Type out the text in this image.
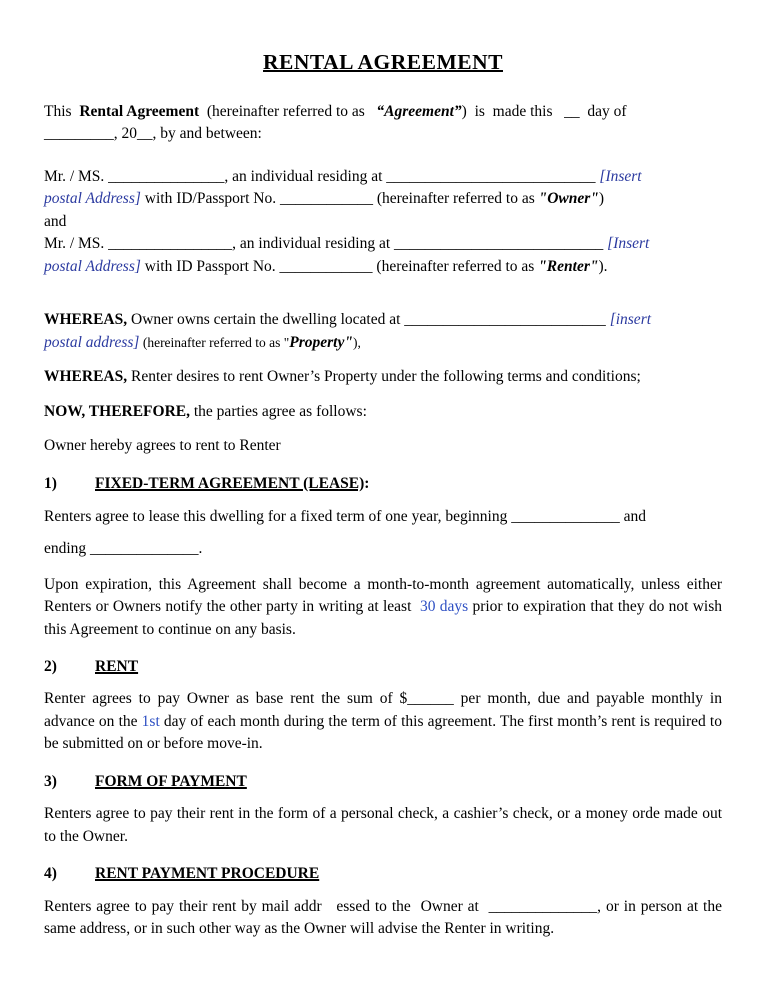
RENTAL AGREEMENT

This  Rental Agreement  (hereinafter referred to as   “Agreement”)  is  made this   __  day of
_________, 20__, by and between:

Mr. / MS. _______________, an individual residing at ___________________________ [Insert
postal Address] with ID/Passport No. ____________ (hereinafter referred to as "Owner")
and
Mr. / MS. ________________, an individual residing at ___________________________ [Insert
postal Address] with ID Passport No. ____________ (hereinafter referred to as "Renter").

WHEREAS, Owner owns certain the dwelling located at __________________________ [insert
postal address] (hereinafter referred to as "Property"),

WHEREAS, Renter desires to rent Owner’s Property under the following terms and conditions;

NOW, THEREFORE, the parties agree as follows:

Owner hereby agrees to rent to Renter

1) FIXED-TERM AGREEMENT (LEASE):

Renters agree to lease this dwelling for a fixed term of one year, beginning ______________ and
ending ______________.

Upon expiration, this Agreement shall become a month-to-month agreement automatically, unless either Renters or Owners notify the other party in writing at least  30 days prior to expiration that they do not wish this Agreement to continue on any basis.

2) RENT

Renter agrees to pay Owner as base rent the sum of $______ per month, due and payable monthly in advance on the 1st day of each month during the term of this agreement. The first month’s rent is required to be submitted on or before move-in.

3) FORM OF PAYMENT

Renters agree to pay their rent in the form of a personal check, a cashier’s check, or a money orde made out to the Owner.

4) RENT PAYMENT PROCEDURE

Renters agree to pay their rent by mail addr   essed to the  Owner at  ______________, or in person at the same address, or in such other way as the Owner will advise the Renter in writing.
